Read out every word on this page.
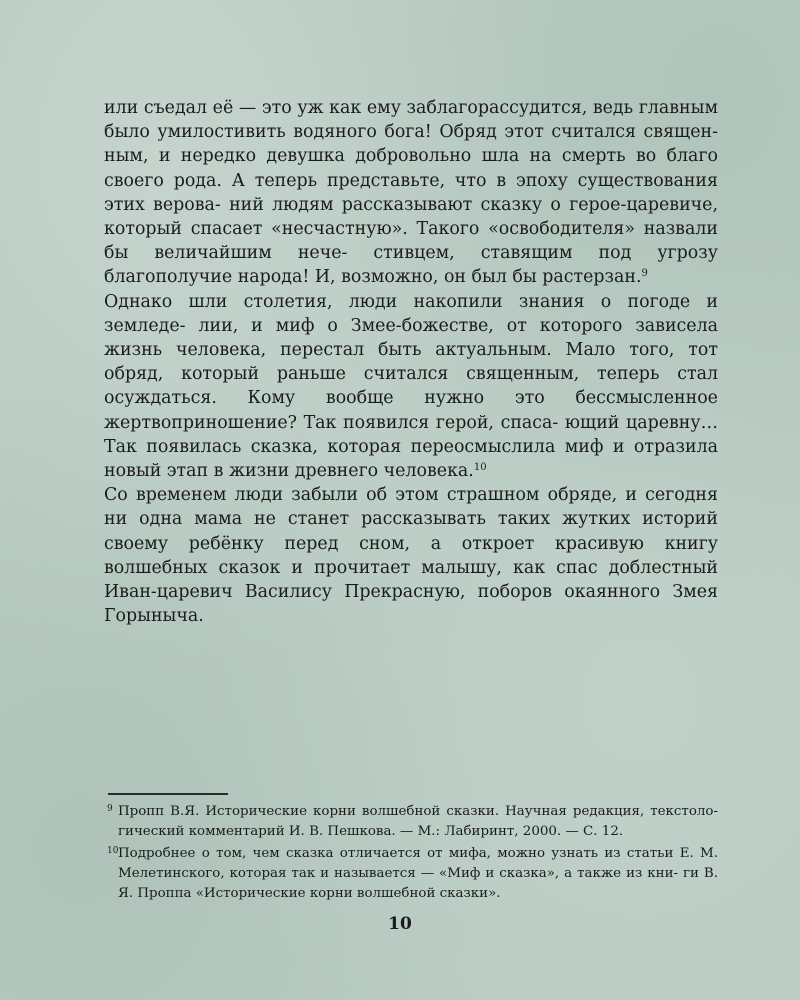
или съедал её — это уж как ему заблагорассудится, ведь главным было умилостивить водяного бога! Обряд этот считался священ- ным, и нередко девушка добровольно шла на смерть во благо своего рода. А теперь представьте, что в эпоху существования этих верова- ний людям рассказывают сказку о герое-царевиче, который спасает «несчастную». Такого «освободителя» назвали бы величайшим нече- стивцем, ставящим под угрозу благополучие народа! И, возможно, он был бы растерзан.$^9$

Однако шли столетия, люди накопили знания о погоде и земледе- лии, и миф о Змее-божестве, от которого зависела жизнь человека, перестал быть актуальным. Мало того, тот обряд, который раньше считался священным, теперь стал осуждаться. Кому вообще нужно это бессмысленное жертвоприношение? Так появился герой, спаса- ющий царевну… Так появилась сказка, которая переосмыслила миф и отразила новый этап в жизни древнего человека.$^{10}$

Со временем люди забыли об этом страшном обряде, и сегодня ни одна мама не станет рассказывать таких жутких историй своему ребёнку перед сном, а откроет красивую книгу волшебных сказок и прочитает малышу, как спас доблестный Иван-царевич Василису Прекрасную, поборов окаянного Змея Горыныча.

9 Пропп В.Я. Исторические корни волшебной сказки. Научная редакция, текстоло- гический комментарий И. В. Пешкова. — М.: Лабиринт, 2000. — С. 12.
10 Подробнее о том, чем сказка отличается от мифа, можно узнать из статьи Е. М. Мелетинского, которая так и называется — «Миф и сказка», а также из кни- ги В. Я. Проппа «Исторические корни волшебной сказки».
10
